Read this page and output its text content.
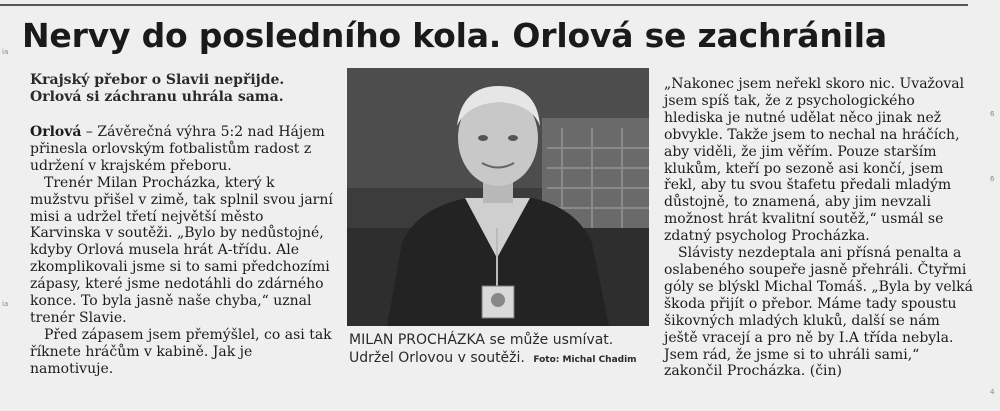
Nervy do posledního kola. Orlová se zachránila
Krajský přebor o Slavii nepřijde. Orlová si záchranu uhrála sama.

Orlová – Závěrečná výhra 5:2 nad Hájem přinesla orlovským fotbalistům radost z udržení v krajském přeboru.

Trenér Milan Procházka, který k mužstvu přišel v zimě, tak splnil svou jarní misi a udržel třetí největší město Karvinska v soutěži. „Bylo by nedůstojné, kdyby Orlová musela hrát A-třídu. Ale zkomplikovali jsme si to sami předchozími zápasy, které jsme nedotáhli do zdárného konce. To byla jasně naše chyba,“ uznal trenér Slavie.

Před zápasem jsem přemýšlel, co asi tak říknete hráčům v kabině. Jak je namotivuje.

MILAN PROCHÁZKA se může usmívat. Udržel Orlovou v soutěži. Foto: Michal Chadim

„Nakonec jsem neřekl skoro nic. Uvažoval jsem spíš tak, že z psychologického hlediska je nutné udělat něco jinak než obvykle. Takže jsem to nechal na hráčích, aby viděli, že jim věřím. Pouze starším klukům, kteří po sezoně asi končí, jsem řekl, aby tu svou štafetu předali mladým důstojně, to znamená, aby jim nevzali možnost hrát kvalitní soutěž,“ usmál se zdatný psycholog Procházka.

Slávisty nezdeptala ani přísná penalta a oslabeného soupeře jasně přehráli. Čtyřmi góly se blýskl Michal Tomáš. „Byla by velká škoda přijít o přebor. Máme tady spoustu šikovných mladých kluků, další se nám ještě vracejí a pro ně by I.A třída nebyla. Jsem rád, že jsme si to uhráli sami,“ zakončil Procházka. (čin)

ia
ia
6
6
4
